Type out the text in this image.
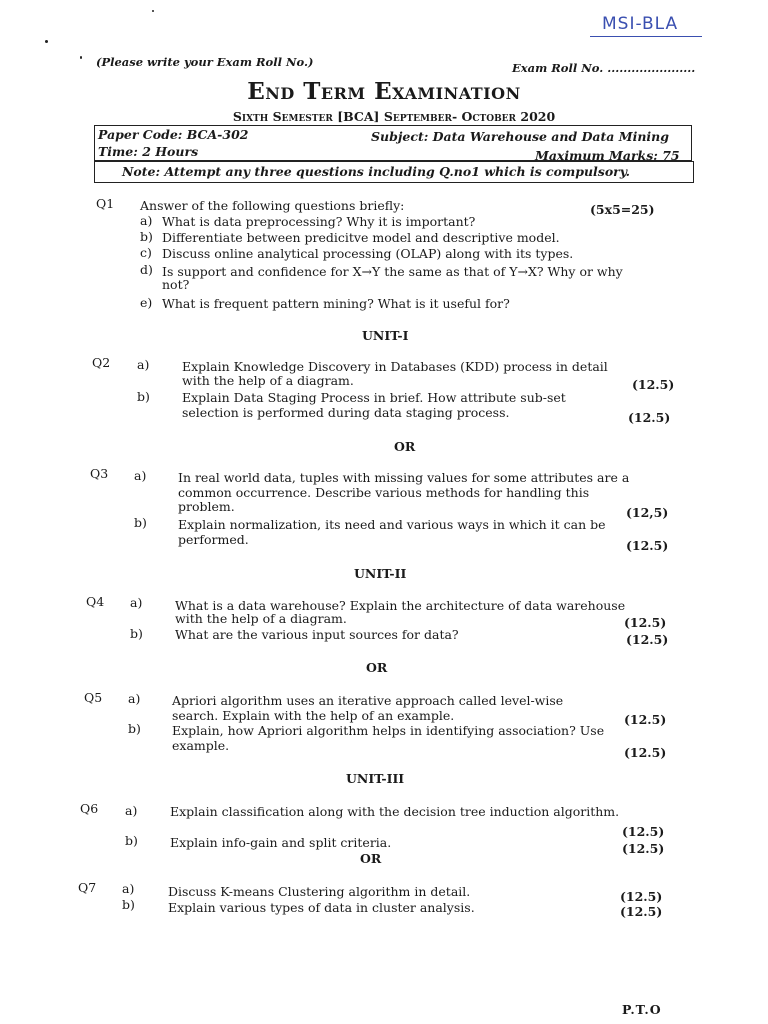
MSI-BLA
(Please write your Exam Roll No.)	Exam Roll No. ......................
End Term Examination
Sixth Semester [BCA] September- October 2020
Paper Code: BCA-302	Subject: Data Warehouse and Data Mining
Time: 2 Hours	Maximum Marks: 75
Note: Attempt any three questions including Q.no1 which is compulsory.
Q1 Answer of the following questions briefly:	(5x5=25)
a) What is data preprocessing? Why it is important?
b) Differentiate between predicitve model and descriptive model.
c) Discuss online analytical processing (OLAP) along with its types.
d) Is support and confidence for X→Y the same as that of Y→X? Why or why
not?
e) What is frequent pattern mining? What is it useful for?
UNIT-I
Q2 a)	Explain Knowledge Discovery in Databases (KDD) process in detail
with the help of a diagram.	(12.5)
b)	Explain Data Staging Process in brief. How attribute sub-set
selection is performed during data staging process.	(12.5)
OR
Q3 a)	In real world data, tuples with missing values for some attributes are a
common occurrence. Describe various methods for handling this
problem.	(12,5)
b) Explain normalization, its need and various ways in which it can be
performed.	(12.5)
UNIT-II
Q4 a)	What is a data warehouse? Explain the architecture of data warehouse
with the help of a diagram.	(12.5)
b)	What are the various input sources for data?	(12.5)
OR
Q5 a)	Apriori algorithm uses an iterative approach called level-wise
search. Explain with the help of an example.	(12.5)
b) Explain, how Apriori algorithm helps in identifying association? Use
example.	(12.5)
UNIT-III
Q6 a)	Explain classification along with the decision tree induction algorithm.
(12.5)
b)	Explain info-gain and split criteria.	(12.5)
OR
Q7 a)	Discuss K-means Clustering algorithm in detail.	(12.5)
b)	Explain various types of data in cluster analysis.	(12.5)
P.T.O
